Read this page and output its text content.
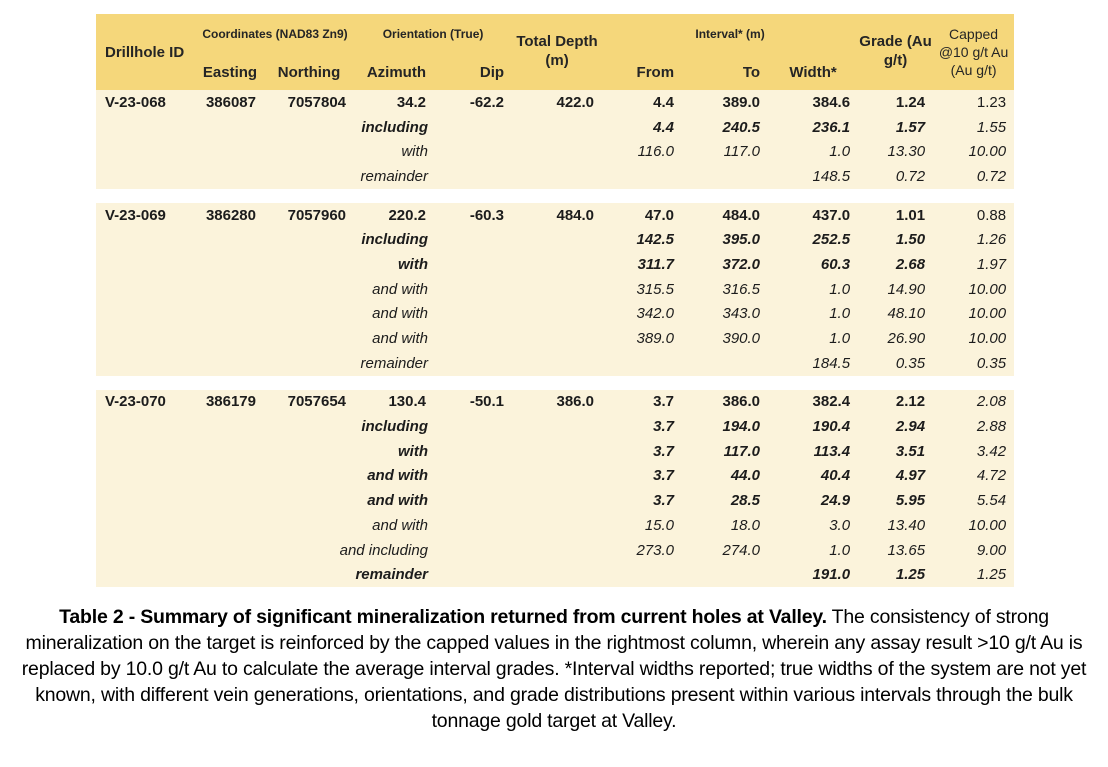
Drillhole ID	Coordinates (NAD83 Zn9)		Orientation (True)		Total Depth (m)	Interval* (m)			Grade (Au g/t)	Capped @10 g/t Au (Au g/t)
	Easting	Northing	Azimuth	Dip		From	To	Width*		
V-23-068	386087	7057804	34.2	-62.2	422.0	4.4	389.0	384.6	1.24	1.23
including						4.4	240.5	236.1	1.57	1.55
with						116.0	117.0	1.0	13.30	10.00
remainder								148.5	0.72	0.72

V-23-069	386280	7057960	220.2	-60.3	484.0	47.0	484.0	437.0	1.01	0.88
including						142.5	395.0	252.5	1.50	1.26
with						311.7	372.0	60.3	2.68	1.97
and with						315.5	316.5	1.0	14.90	10.00
and with						342.0	343.0	1.0	48.10	10.00
and with						389.0	390.0	1.0	26.90	10.00
remainder								184.5	0.35	0.35

V-23-070	386179	7057654	130.4	-50.1	386.0	3.7	386.0	382.4	2.12	2.08
including						3.7	194.0	190.4	2.94	2.88
with						3.7	117.0	113.4	3.51	3.42
and with						3.7	44.0	40.4	4.97	4.72
and with						3.7	28.5	24.9	5.95	5.54
and with						15.0	18.0	3.0	13.40	10.00
and including						273.0	274.0	1.0	13.65	9.00
remainder								191.0	1.25	1.25
Table 2 - Summary of significant mineralization returned from current holes at Valley. The consistency of strong mineralization on the target is reinforced by the capped values in the rightmost column, wherein any assay result >10 g/t Au is replaced by 10.0 g/t Au to calculate the average interval grades. *Interval widths reported; true widths of the system are not yet known, with different vein generations, orientations, and grade distributions present within various intervals through the bulk tonnage gold target at Valley.
